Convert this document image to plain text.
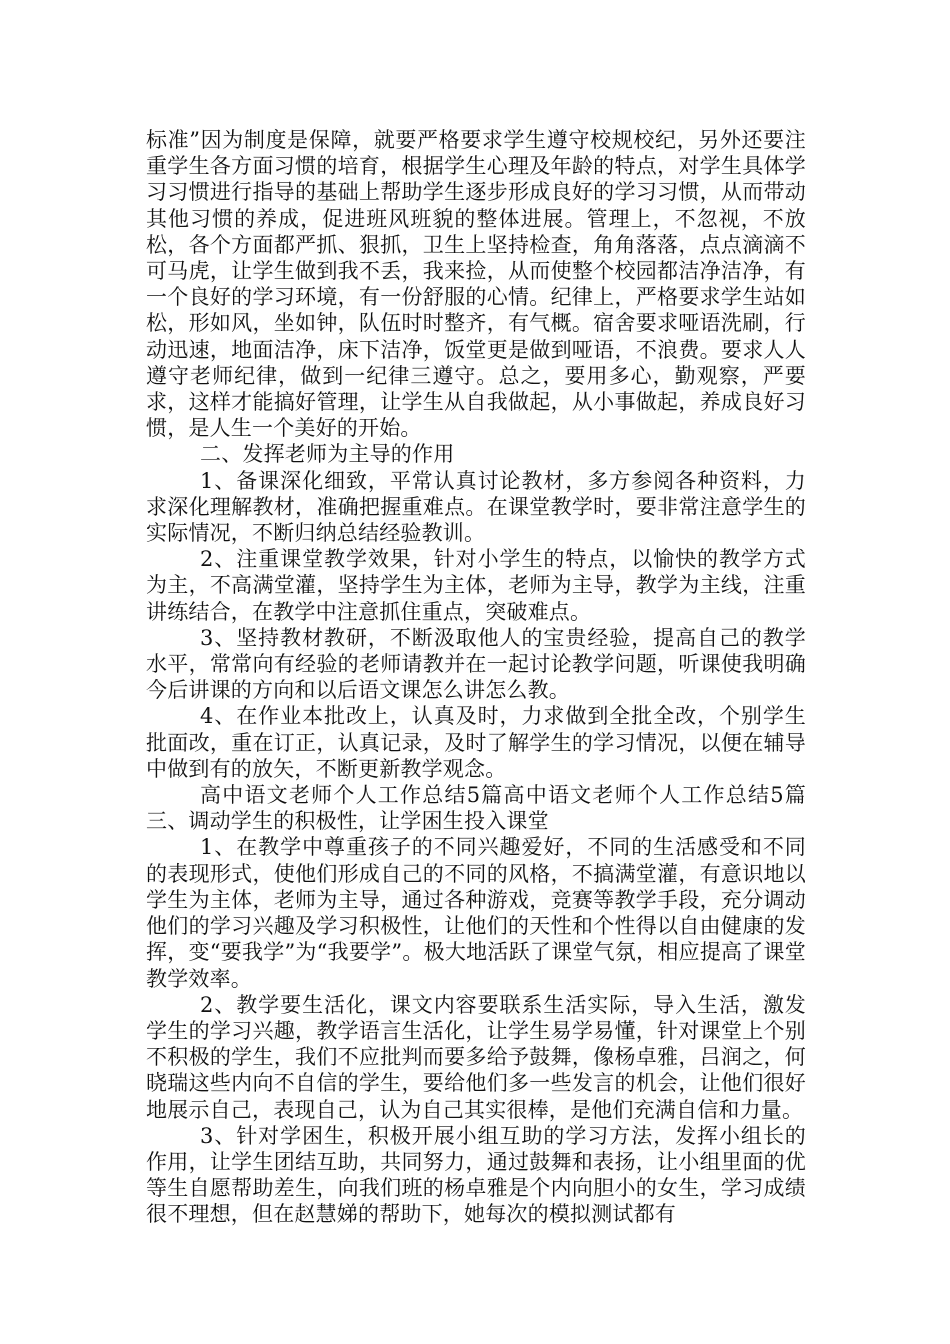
标准”因为制度是保障，就要严格要求学生遵守校规校纪，另外还要注重学生各方面习惯的培育，根据学生心理及年龄的特点，对学生具体学习习惯进行指导的基础上帮助学生逐步形成良好的学习习惯，从而带动其他习惯的养成，促进班风班貌的整体进展。管理上，不忽视，不放松，各个方面都严抓、狠抓，卫生上坚持检查，角角落落，点点滴滴不可马虎，让学生做到我不丢，我来捡，从而使整个校园都洁净洁净，有一个良好的学习环境，有一份舒服的心情。纪律上，严格要求学生站如松，形如风，坐如钟，队伍时时整齐，有气概。宿舍要求哑语洗刷，行动迅速，地面洁净，床下洁净，饭堂更是做到哑语，不浪费。要求人人遵守老师纪律，做到一纪律三遵守。总之，要用多心，勤观察，严要求，这样才能搞好管理，让学生从自我做起，从小事做起，养成良好习惯，是人生一个美好的开始。

二、发挥老师为主导的作用

1、备课深化细致，平常认真讨论教材，多方参阅各种资料，力求深化理解教材，准确把握重难点。在课堂教学时，要非常注意学生的实际情况，不断归纳总结经验教训。

2、注重课堂教学效果，针对小学生的特点，以愉快的教学方式为主，不高满堂灌，坚持学生为主体，老师为主导，教学为主线，注重讲练结合，在教学中注意抓住重点，突破难点。

3、坚持教材教研，不断汲取他人的宝贵经验，提高自己的教学水平，常常向有经验的老师请教并在一起讨论教学问题，听课使我明确今后讲课的方向和以后语文课怎么讲怎么教。

4、在作业本批改上，认真及时，力求做到全批全改，个别学生批面改，重在订正，认真记录，及时了解学生的学习情况，以便在辅导中做到有的放矢，不断更新教学观念。

高中语文老师个人工作总结5篇高中语文老师个人工作总结5篇三、调动学生的积极性，让学困生投入课堂

1、在教学中尊重孩子的不同兴趣爱好，不同的生活感受和不同的表现形式，使他们形成自己的不同的风格，不搞满堂灌，有意识地以学生为主体，老师为主导，通过各种游戏，竞赛等教学手段，充分调动他们的学习兴趣及学习积极性，让他们的天性和个性得以自由健康的发挥，变“要我学”为“我要学”。极大地活跃了课堂气氛，相应提高了课堂教学效率。

2、教学要生活化，课文内容要联系生活实际，导入生活，激发学生的学习兴趣，教学语言生活化，让学生易学易懂，针对课堂上个别不积极的学生，我们不应批判而要多给予鼓舞，像杨卓雅，吕润之，何晓瑞这些内向不自信的学生，要给他们多一些发言的机会，让他们很好地展示自己，表现自己，认为自己其实很棒，是他们充满自信和力量。

3、针对学困生，积极开展小组互助的学习方法，发挥小组长的作用，让学生团结互助，共同努力，通过鼓舞和表扬，让小组里面的优等生自愿帮助差生，向我们班的杨卓雅是个内向胆小的女生，学习成绩很不理想，但在赵慧娣的帮助下，她每次的模拟测试都有
